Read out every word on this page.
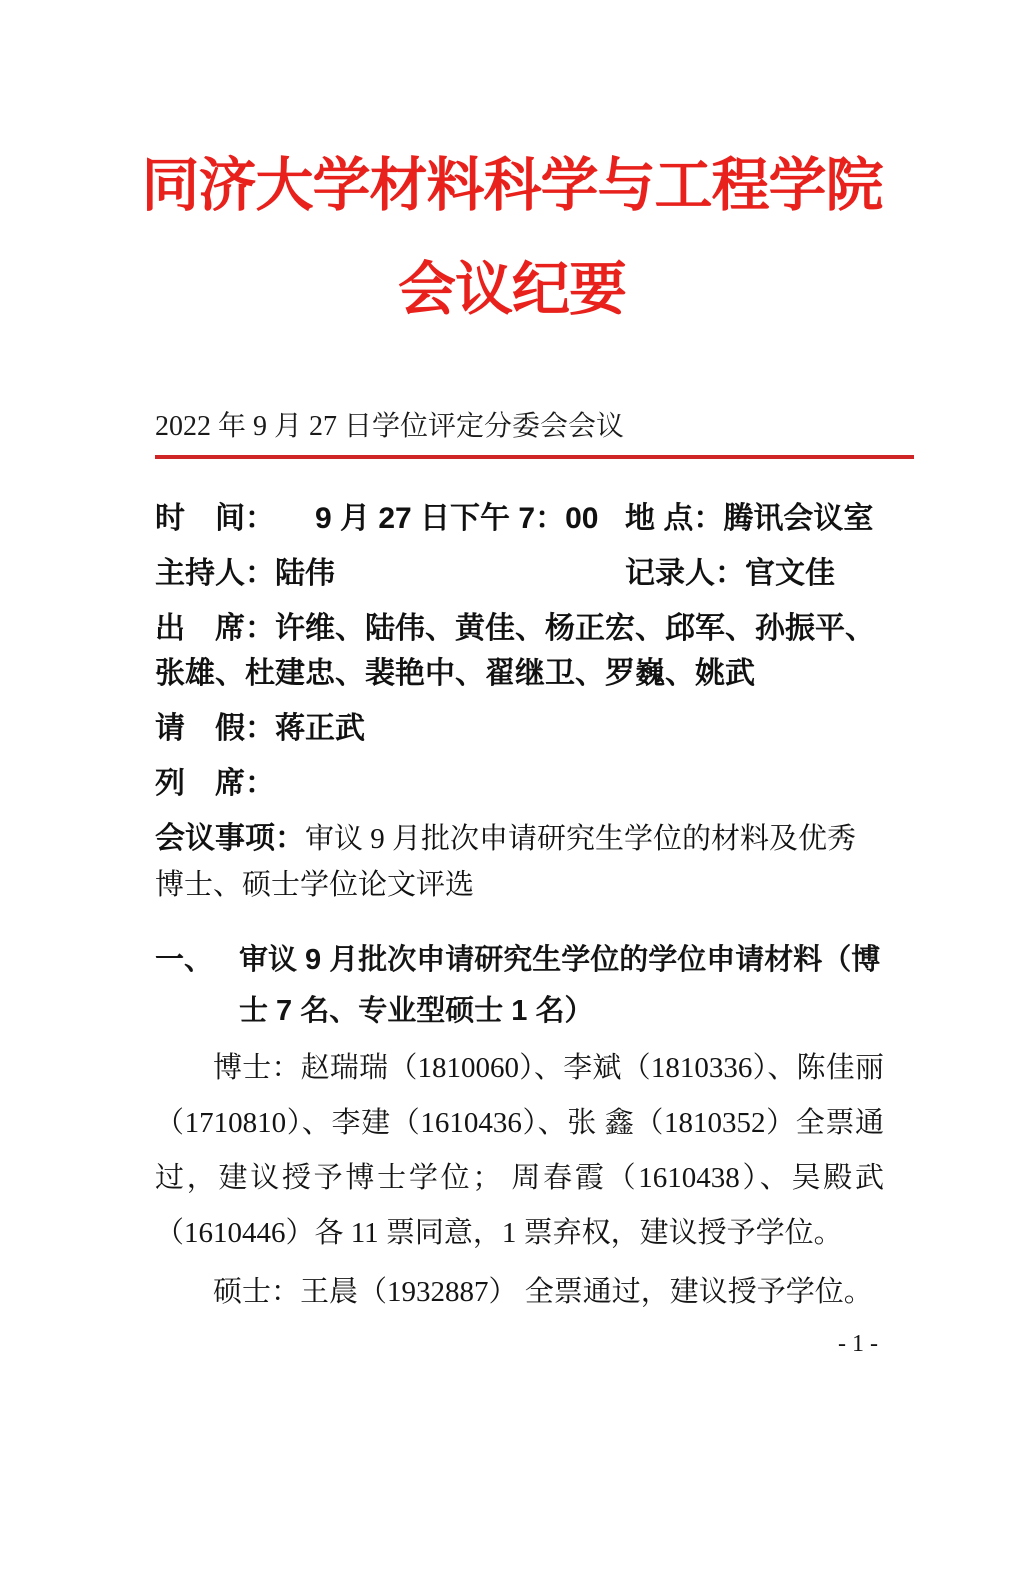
同济大学材料科学与工程学院
会议纪要
2022 年 9 月 27 日学位评定分委会会议
时　间： 9 月 27 日下午 7：00 地 点：腾讯会议室
主持人：陆伟	记录人：官文佳
出　席：许维、陆伟、黄佳、杨正宏、邱军、孙振平、张雄、杜建忠、裴艳中、翟继卫、罗巍、姚武
请　假：蒋正武
列　席：
会议事项：审议 9 月批次申请研究生学位的材料及优秀博士、硕士学位论文评选
一、 审议 9 月批次申请研究生学位的学位申请材料（博士 7 名、专业型硕士 1 名）

博士：赵瑞瑞（1810060）、李斌（1810336）、陈佳丽（1710810）、李建（1610436）、张 鑫（1810352）全票通过，建议授予博士学位； 周春霞（1610438）、吴殿武（1610446）各 11 票同意，1 票弃权，建议授予学位。

硕士：王晨（1932887） 全票通过，建议授予学位。

- 1 -
